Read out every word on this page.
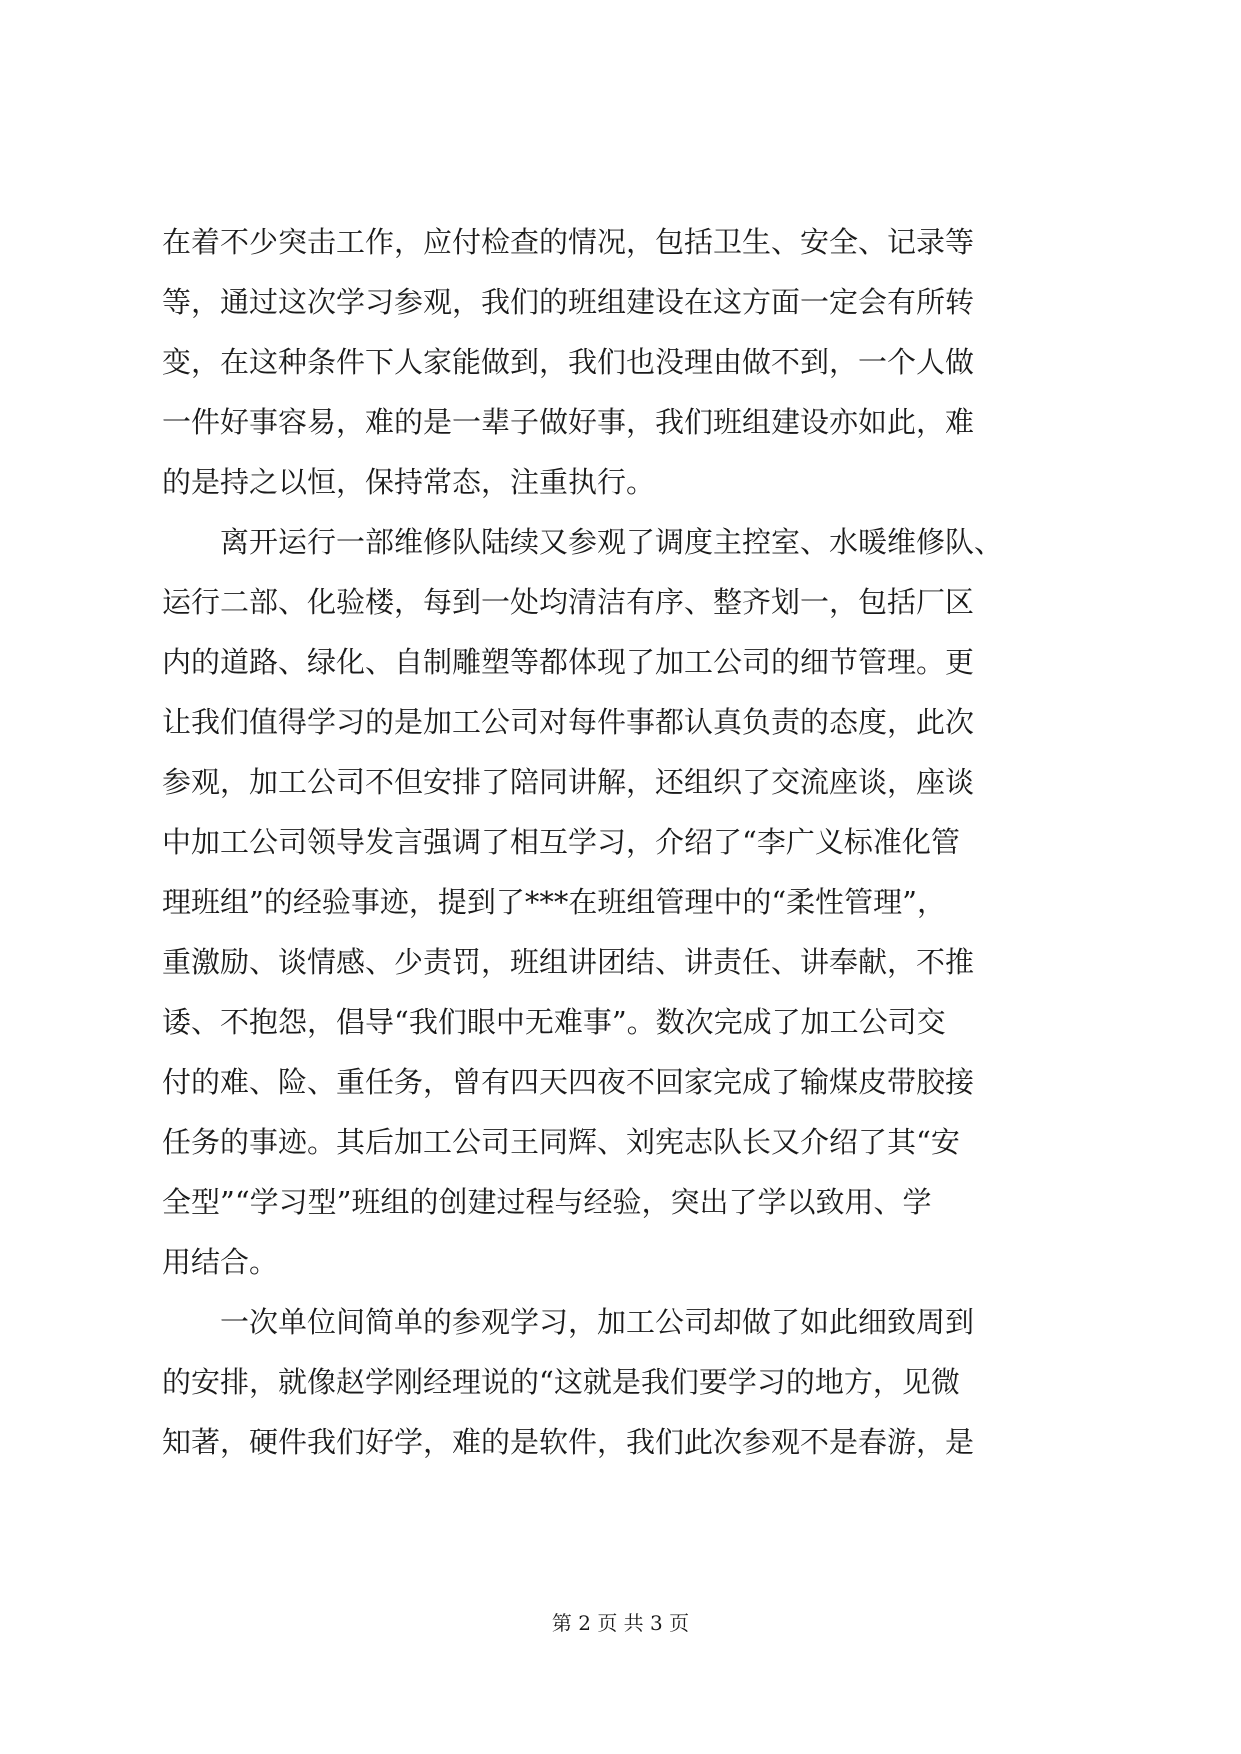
在着不少突击工作，应付检查的情况，包括卫生、安全、记录等
等，通过这次学习参观，我们的班组建设在这方面一定会有所转
变，在这种条件下人家能做到，我们也没理由做不到，一个人做
一件好事容易，难的是一辈子做好事，我们班组建设亦如此，难
的是持之以恒，保持常态，注重执行。
离开运行一部维修队陆续又参观了调度主控室、水暖维修队、
运行二部、化验楼，每到一处均清洁有序、整齐划一，包括厂区
内的道路、绿化、自制雕塑等都体现了加工公司的细节管理。更
让我们值得学习的是加工公司对每件事都认真负责的态度，此次
参观，加工公司不但安排了陪同讲解，还组织了交流座谈，座谈
中加工公司领导发言强调了相互学习，介绍了“李广义标准化管
理班组”的经验事迹，提到了***在班组管理中的“柔性管理”，
重激励、谈情感、少责罚，班组讲团结、讲责任、讲奉献，不推
诿、不抱怨，倡导“我们眼中无难事”。数次完成了加工公司交
付的难、险、重任务，曾有四天四夜不回家完成了输煤皮带胶接
任务的事迹。其后加工公司王同辉、刘宪志队长又介绍了其“安
全型”“学习型”班组的创建过程与经验，突出了学以致用、学
用结合。
一次单位间简单的参观学习，加工公司却做了如此细致周到
的安排，就像赵学刚经理说的“这就是我们要学习的地方，见微
知著，硬件我们好学，难的是软件，我们此次参观不是春游，是
第 2 页 共 3 页
